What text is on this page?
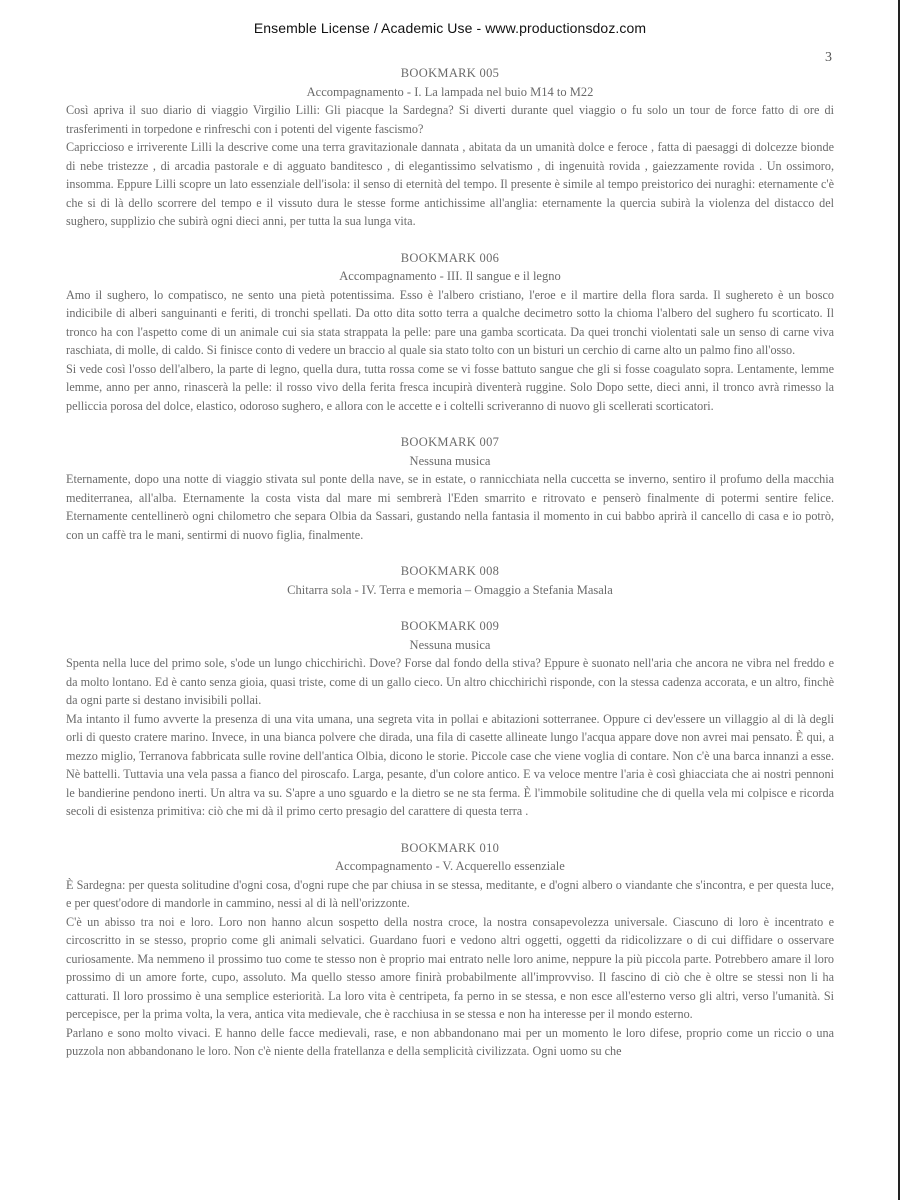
Ensemble License / Academic Use - www.productionsdoz.com
3
BOOKMARK 005
Accompagnamento - I. La lampada nel buio M14 to M22

Così apriva il suo diario di viaggio Virgilio Lilli: Gli piacque la Sardegna? Si diverti durante quel viaggio o fu solo un tour de force fatto di ore di trasferimenti in torpedone e rinfreschi con i potenti del vigente fascismo?

Capriccioso e irriverente Lilli la descrive come una terra gravitazionale dannata , abitata da un umanità dolce e feroce , fatta di paesaggi di dolcezze bionde di nebe tristezze , di arcadia pastorale e di agguato banditesco , di elegantissimo selvatismo , di ingenuità rovida , gaiezzamente rovida . Un ossimoro, insomma. Eppure Lilli scopre un lato essenziale dell'isola: il senso di eternità del tempo. Il presente è simile al tempo preistorico dei nuraghi: eternamente c'è che si di là dello scorrere del tempo e il vissuto dura le stesse forme antichissime all'anglia: eternamente la quercia subirà la violenza del distacco del sughero, supplizio che subirà ogni dieci anni, per tutta la sua lunga vita.

BOOKMARK 006
Accompagnamento - III. Il sangue e il legno

Amo il sughero, lo compatisco, ne sento una pietà potentissima. Esso è l'albero cristiano, l'eroe e il martire della flora sarda. Il sughereto è un bosco indicibile di alberi sanguinanti e feriti, di tronchi spellati. Da otto dita sotto terra a qualche decimetro sotto la chioma l'albero del sughero fu scorticato. Il tronco ha con l'aspetto come di un animale cui sia stata strappata la pelle: pare una gamba scorticata. Da quei tronchi violentati sale un senso di carne viva raschiata, di molle, di caldo. Si finisce conto di vedere un braccio al quale sia stato tolto con un bisturi un cerchio di carne alto un palmo fino all'osso.

Si vede così l'osso dell'albero, la parte di legno, quella dura, tutta rossa come se vi fosse battuto sangue che gli si fosse coagulato sopra. Lentamente, lemme lemme, anno per anno, rinascerà la pelle: il rosso vivo della ferita fresca incupirà diventerà ruggine. Solo Dopo sette, dieci anni, il tronco avrà rimesso la pelliccia porosa del dolce, elastico, odoroso sughero, e allora con le accette e i coltelli scriveranno di nuovo gli scellerati scorticatori.

BOOKMARK 007
Nessuna musica

Eternamente, dopo una notte di viaggio stivata sul ponte della nave, se in estate, o rannicchiata nella cuccetta se inverno, sentiro il profumo della macchia mediterranea, all'alba. Eternamente la costa vista dal mare mi sembrerà l'Eden smarrito e ritrovato e penserò finalmente di potermi sentire felice. Eternamente centellinerò ogni chilometro che separa Olbia da Sassari, gustando nella fantasia il momento in cui babbo aprirà il cancello di casa e io potrò, con un caffè tra le mani, sentirmi di nuovo figlia, finalmente.

BOOKMARK 008
Chitarra sola - IV. Terra e memoria – Omaggio a Stefania Masala
BOOKMARK 009
Nessuna musica

Spenta nella luce del primo sole, s'ode un lungo chicchirichì. Dove? Forse dal fondo della stiva? Eppure è suonato nell'aria che ancora ne vibra nel freddo e da molto lontano. Ed è canto senza gioia, quasi triste, come di un gallo cieco. Un altro chicchirichì risponde, con la stessa cadenza accorata, e un altro, finchè da ogni parte si destano invisibili pollai.

Ma intanto il fumo avverte la presenza di una vita umana, una segreta vita in pollai e abitazioni sotterranee. Oppure ci dev'essere un villaggio al di là degli orli di questo cratere marino. Invece, in una bianca polvere che dirada, una fila di casette allineate lungo l'acqua appare dove non avrei mai pensato. È qui, a mezzo miglio, Terranova fabbricata sulle rovine dell'antica Olbia, dicono le storie. Piccole case che viene voglia di contare. Non c'è una barca innanzi a esse. Nè battelli. Tuttavia una vela passa a fianco del piroscafo. Larga, pesante, d'un colore antico. E va veloce mentre l'aria è così ghiacciata che ai nostri pennoni le bandierine pendono inerti. Un altra va su. S'apre a uno sguardo e la dietro se ne sta ferma. È l'immobile solitudine che di quella vela mi colpisce e ricorda secoli di esistenza primitiva: ciò che mi dà il primo certo presagio del carattere di questa terra .

BOOKMARK 010
Accompagnamento - V. Acquerello essenziale

È Sardegna: per questa solitudine d'ogni cosa, d'ogni rupe che par chiusa in se stessa, meditante, e d'ogni albero o viandante che s'incontra, e per questa luce, e per quest'odore di mandorle in cammino, nessi al di là nell'orizzonte.

C'è un abisso tra noi e loro. Loro non hanno alcun sospetto della nostra croce, la nostra consapevolezza universale. Ciascuno di loro è incentrato e circoscritto in se stesso, proprio come gli animali selvatici. Guardano fuori e vedono altri oggetti, oggetti da ridicolizzare o di cui diffidare o osservare curiosamente. Ma nemmeno il prossimo tuo come te stesso non è proprio mai entrato nelle loro anime, neppure la più piccola parte. Potrebbero amare il loro prossimo di un amore forte, cupo, assoluto. Ma quello stesso amore finirà probabilmente all'improvviso. Il fascino di ciò che è oltre se stessi non li ha catturati. Il loro prossimo è una semplice esteriorità. La loro vita è centripeta, fa perno in se stessa, e non esce all'esterno verso gli altri, verso l'umanità. Si percepisce, per la prima volta, la vera, antica vita medievale, che è racchiusa in se stessa e non ha interesse per il mondo esterno.

Parlano e sono molto vivaci. E hanno delle facce medievali, rase, e non abbandonano mai per un momento le loro difese, proprio come un riccio o una puzzola non abbandonano le loro. Non c'è niente della fratellanza e della semplicità civilizzata. Ogni uomo su che
